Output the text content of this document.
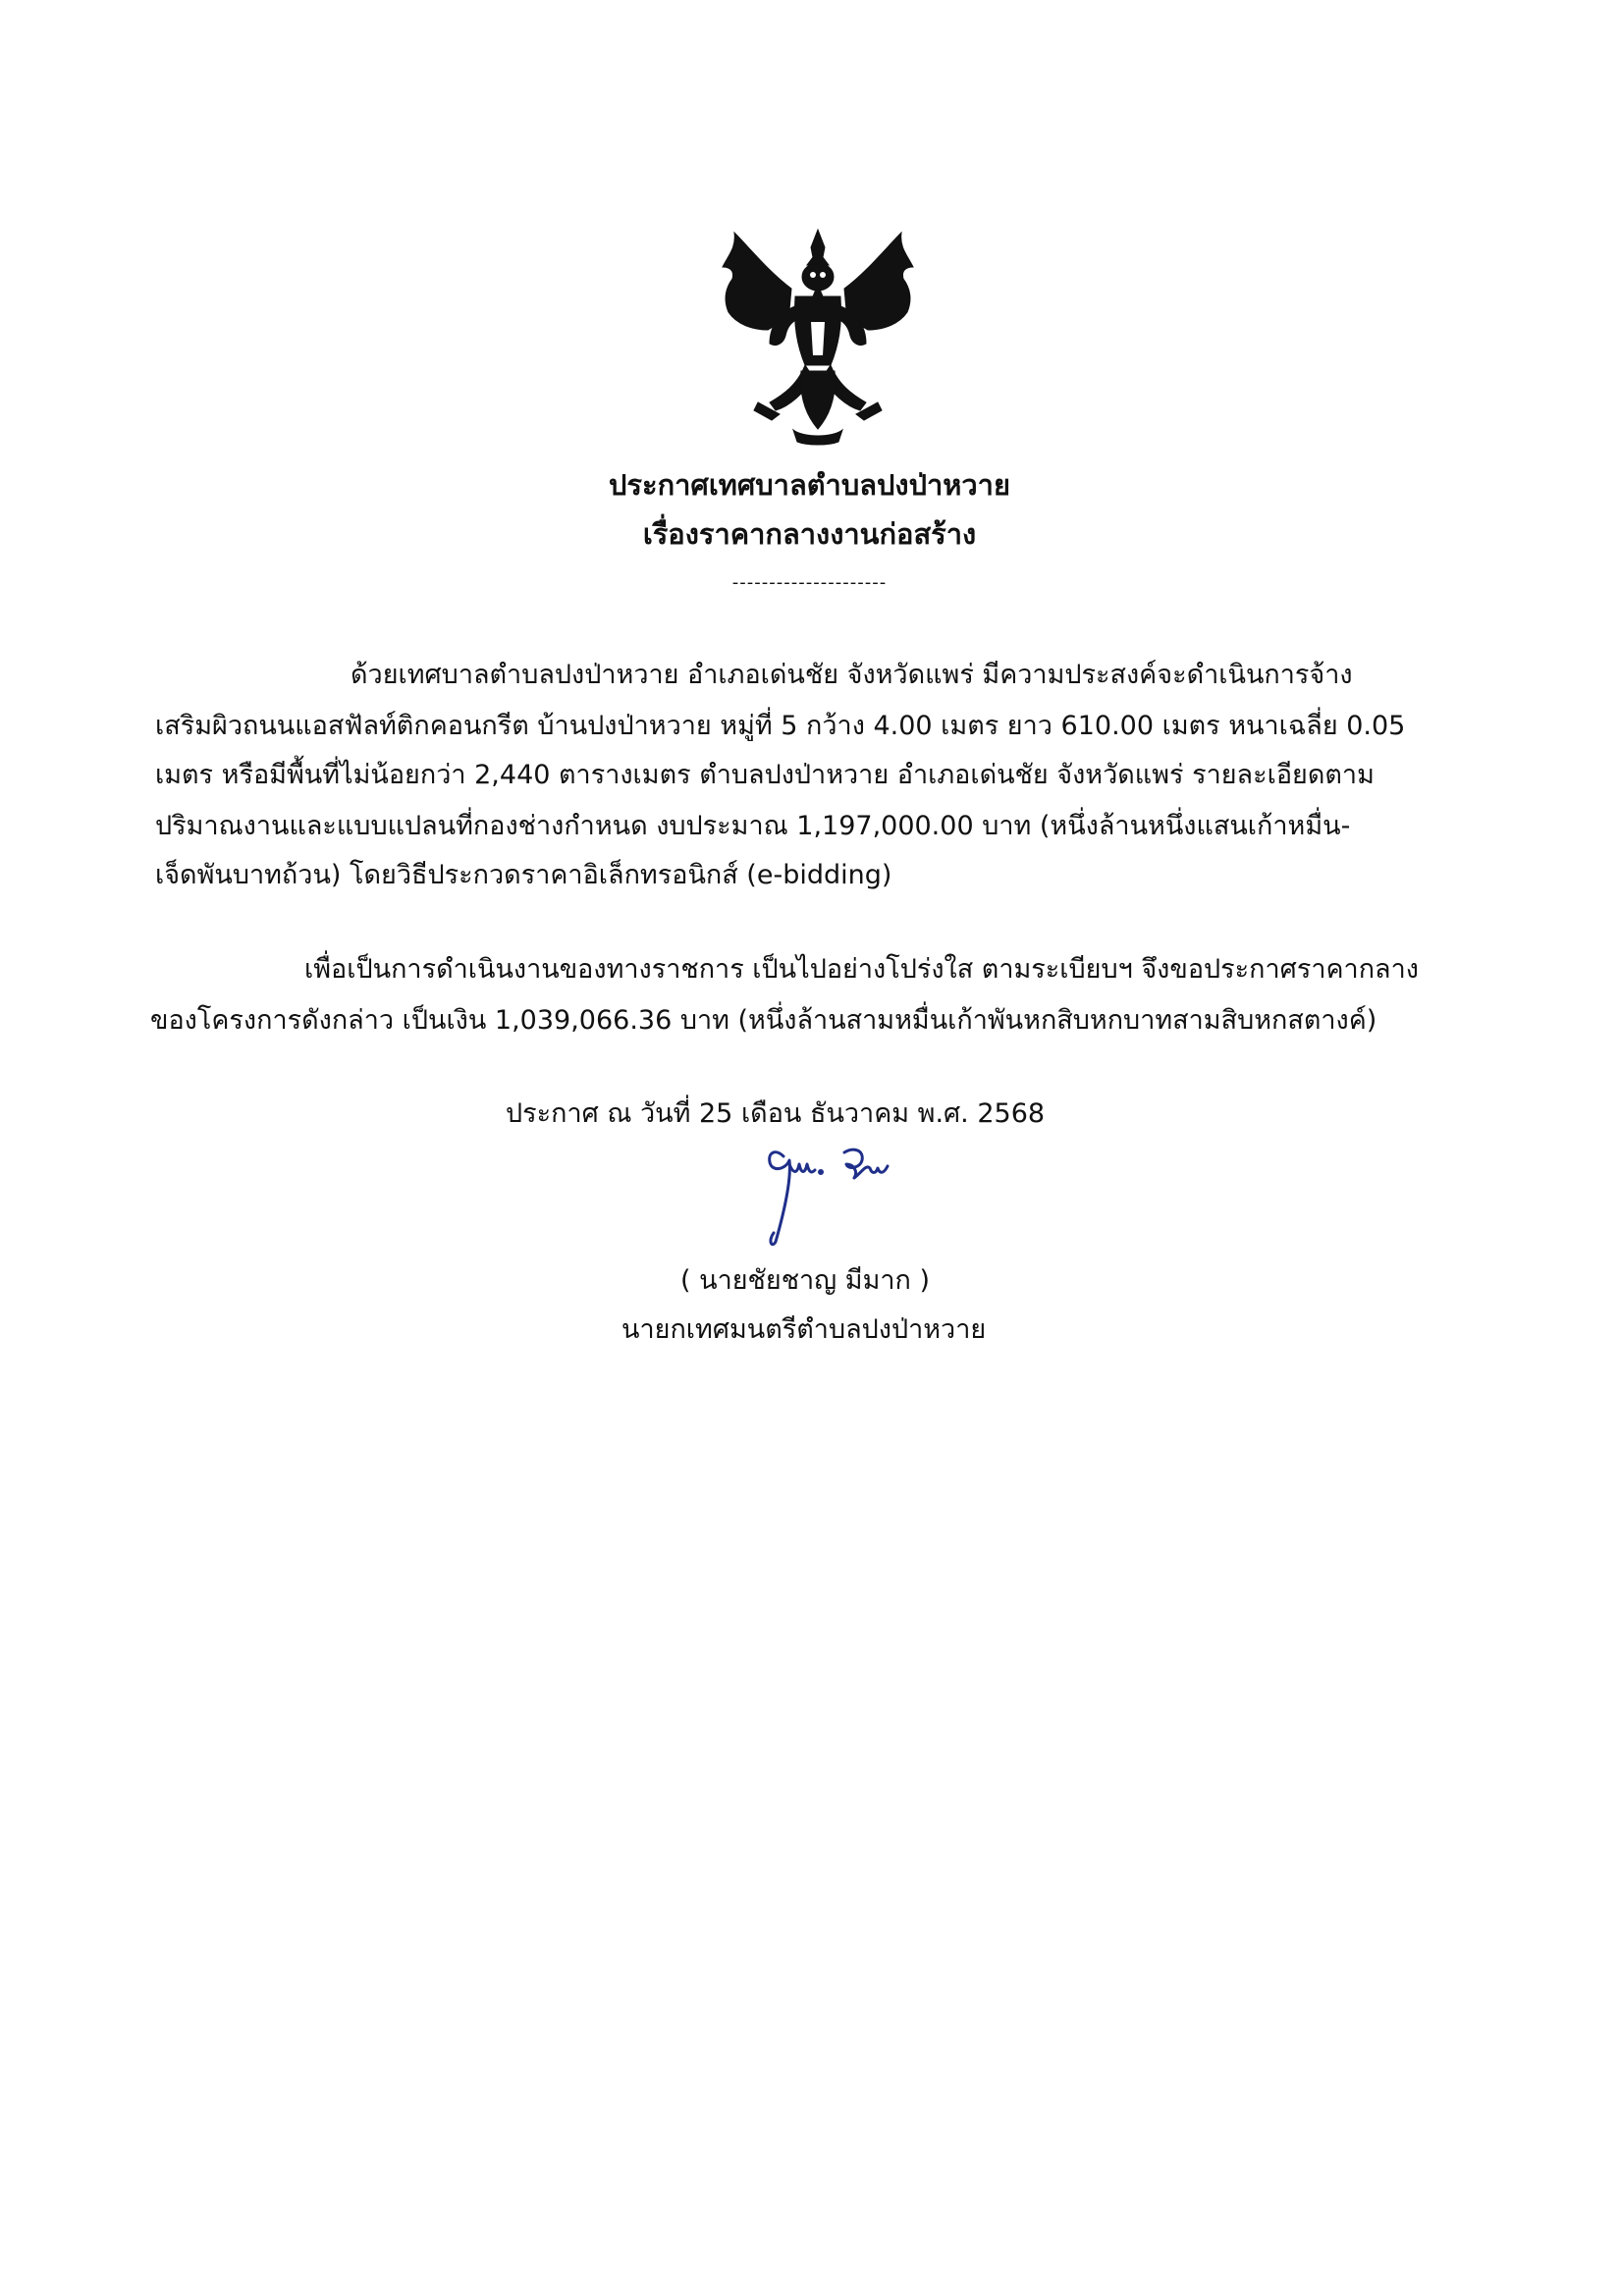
ประกาศเทศบาลตำบลปงป่าหวาย
เรื่องราคากลางงานก่อสร้าง
---------------------
ด้วยเทศบาลตำบลปงป่าหวาย อำเภอเด่นชัย จังหวัดแพร่ มีความประสงค์จะดำเนินการจ้าง
เสริมผิวถนนแอสฟัลท์ติกคอนกรีต บ้านปงป่าหวาย หมู่ที่ 5 กว้าง 4.00 เมตร ยาว 610.00 เมตร หนาเฉลี่ย 0.05
เมตร หรือมีพื้นที่ไม่น้อยกว่า 2,440 ตารางเมตร ตำบลปงป่าหวาย อำเภอเด่นชัย จังหวัดแพร่ รายละเอียดตาม
ปริมาณงานและแบบแปลนที่กองช่างกำหนด งบประมาณ 1,197,000.00 บาท (หนึ่งล้านหนึ่งแสนเก้าหมื่น-
เจ็ดพันบาทถ้วน) โดยวิธีประกวดราคาอิเล็กทรอนิกส์ (e-bidding)
เพื่อเป็นการดำเนินงานของทางราชการ เป็นไปอย่างโปร่งใส ตามระเบียบฯ จึงขอประกาศราคากลาง
ของโครงการดังกล่าว เป็นเงิน 1,039,066.36 บาท (หนึ่งล้านสามหมื่นเก้าพันหกสิบหกบาทสามสิบหกสตางค์)
ประกาศ ณ วันที่ 25 เดือน ธันวาคม พ.ศ. 2568
( นายชัยชาญ มีมาก )
นายกเทศมนตรีตำบลปงป่าหวาย
